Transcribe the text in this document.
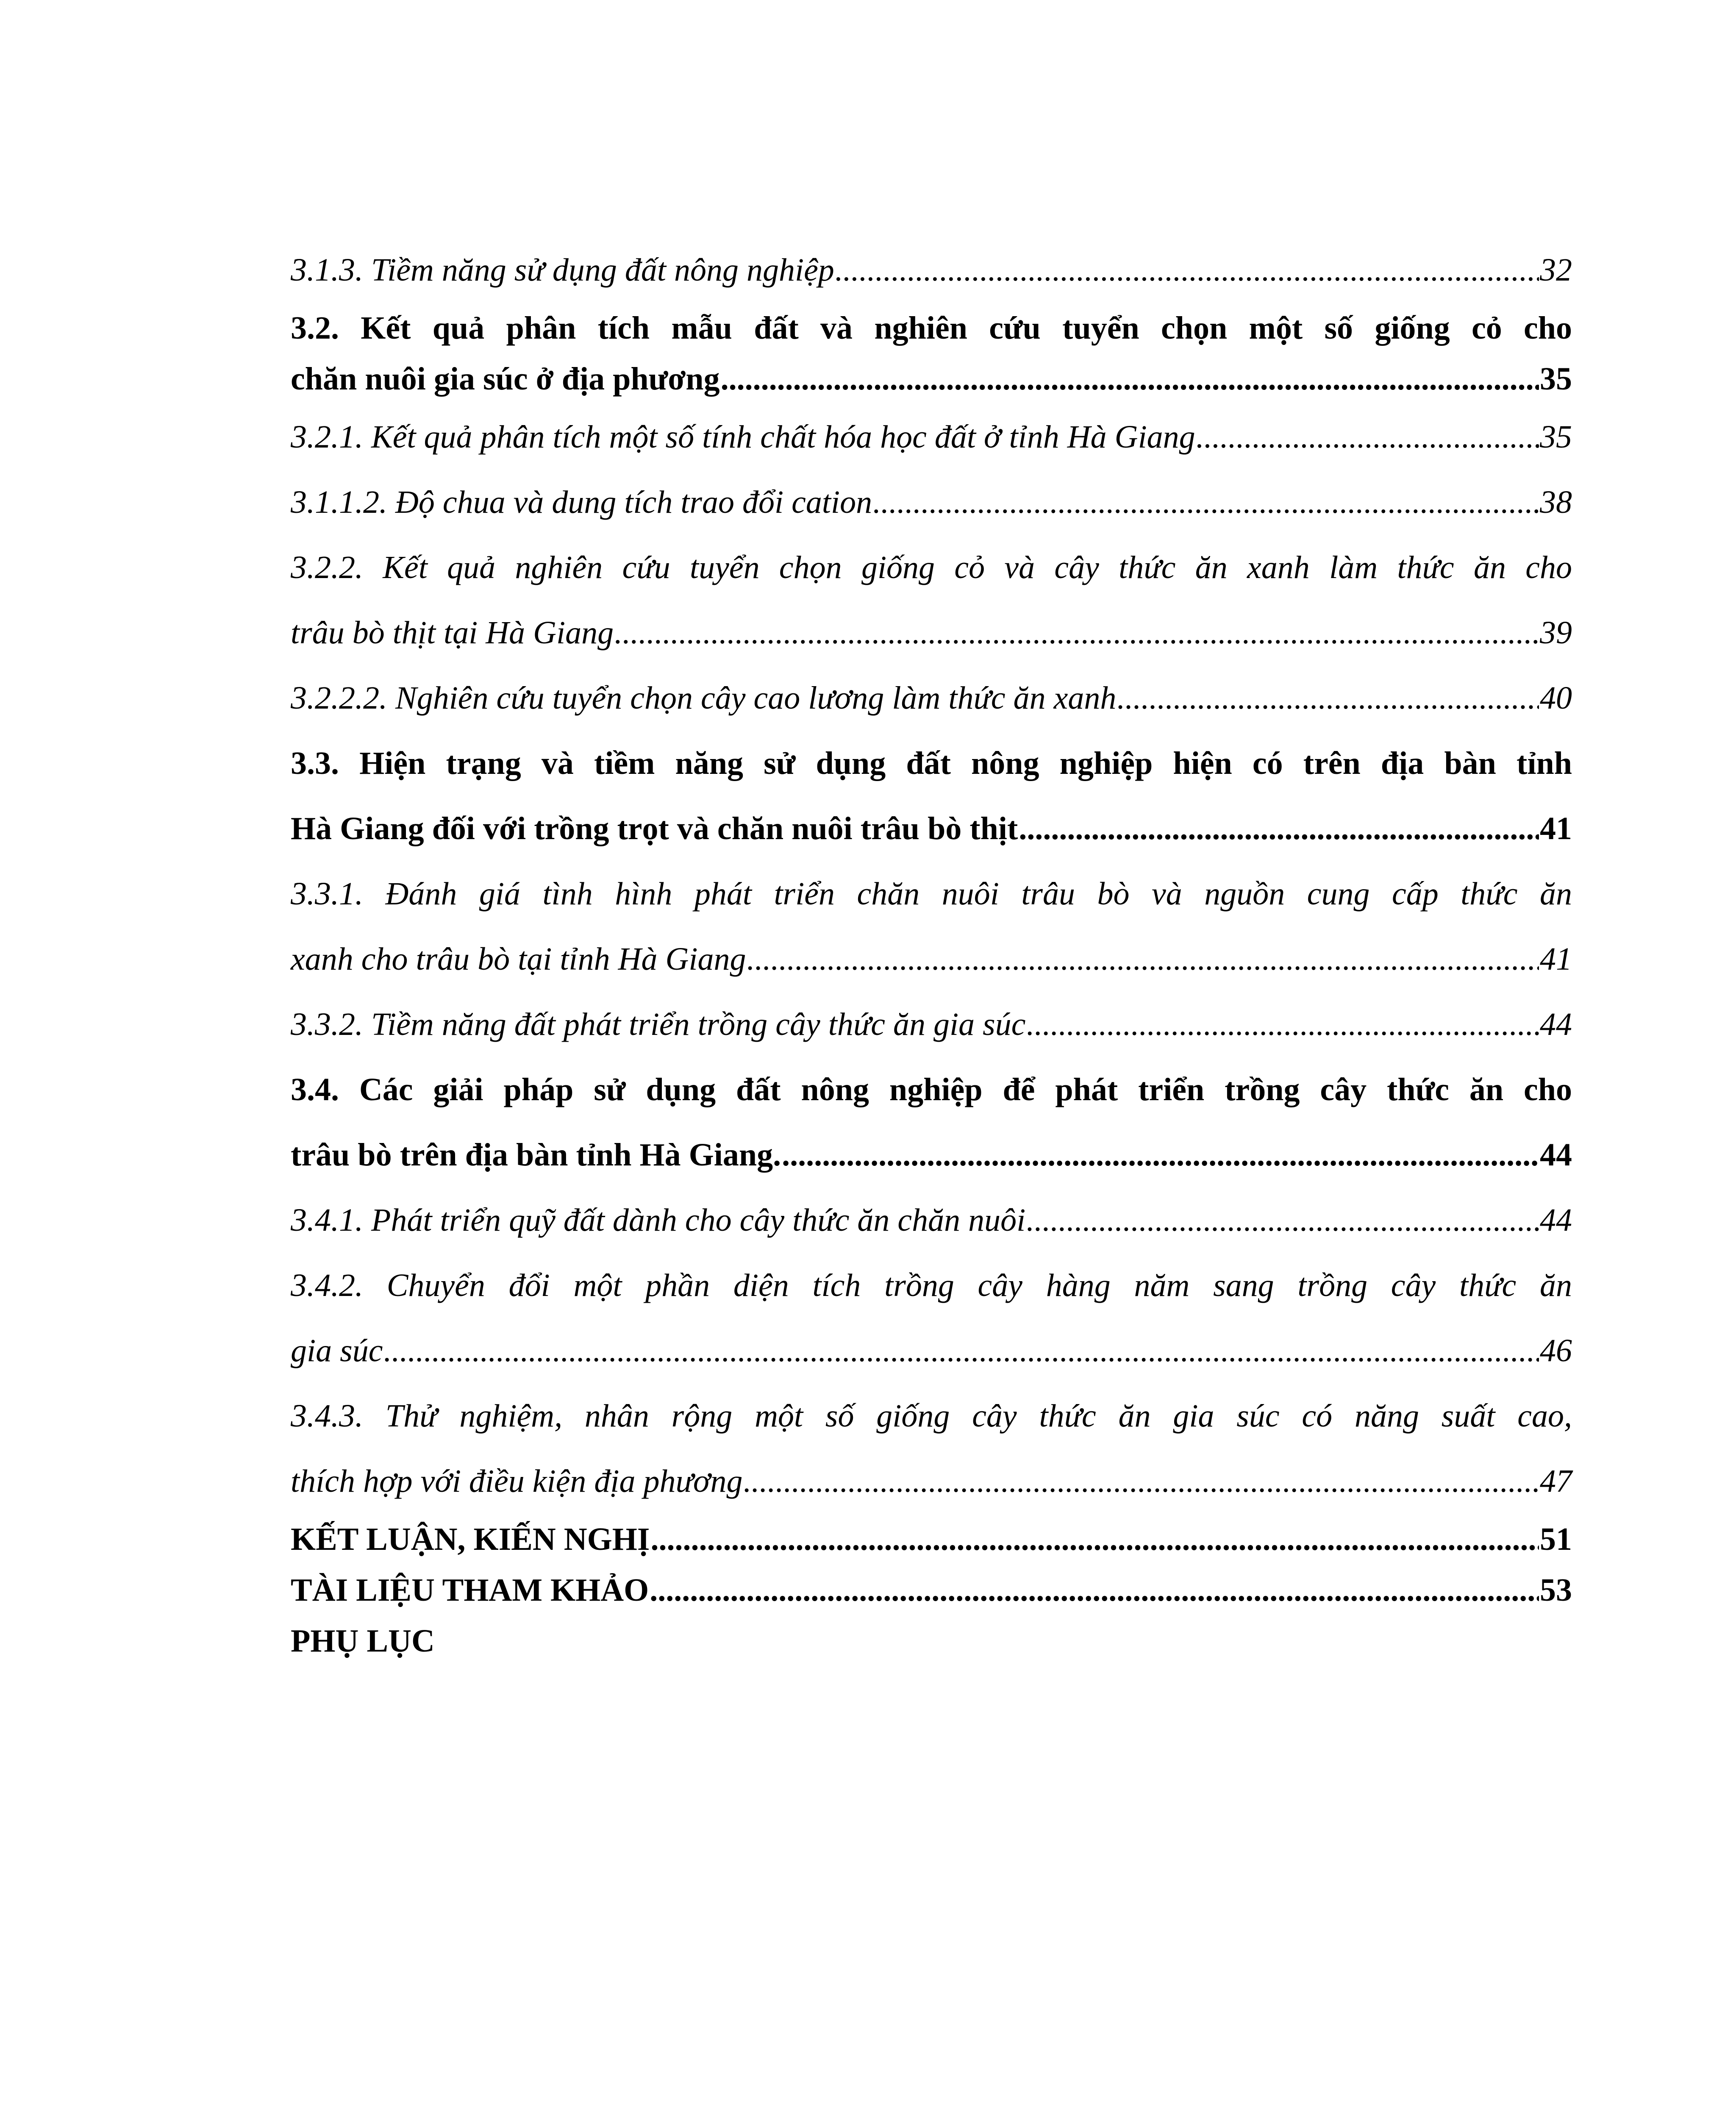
3.1.3. Tiềm năng sử dụng đất nông nghiệp .....	32
3.2. Kết quả phân tích mẫu đất và nghiên cứu tuyển chọn một số giống cỏ cho
chăn nuôi gia súc ở địa phương .....	35
3.2.1. Kết quả phân tích một số tính chất hóa học đất ở tỉnh Hà Giang .....	35
3.1.1.2. Độ chua và dung tích trao đổi cation .....	38
3.2.2. Kết quả nghiên cứu tuyển chọn giống cỏ và cây thức ăn xanh làm thức ăn cho
trâu bò thịt tại Hà Giang .....	39
3.2.2.2. Nghiên cứu tuyển chọn cây cao lương làm thức ăn xanh .....	40
3.3. Hiện trạng và tiềm năng sử dụng đất nông nghiệp hiện có trên địa bàn tỉnh
Hà Giang đối với trồng trọt và chăn nuôi trâu bò thịt .....	41
3.3.1. Đánh giá tình hình phát triển chăn nuôi trâu bò và nguồn cung cấp thức ăn
xanh cho trâu bò tại tỉnh Hà Giang .....	41
3.3.2. Tiềm năng đất phát triển trồng cây thức ăn gia súc .....	44
3.4. Các giải pháp sử dụng đất nông nghiệp để phát triển trồng cây thức ăn cho
trâu bò trên địa bàn tỉnh Hà Giang. .....	44
3.4.1. Phát triển quỹ đất dành cho cây thức ăn chăn nuôi .....	44
3.4.2. Chuyển đổi một phần diện tích trồng cây hàng năm sang trồng cây thức ăn
gia súc .....	46
3.4.3. Thử nghiệm, nhân rộng một số giống cây thức ăn gia súc có năng suất cao,
thích hợp với điều kiện địa phương .....	47
KẾT LUẬN, KIẾN NGHỊ .....	51
TÀI LIỆU THAM KHẢO .....	53
PHỤ LỤC
